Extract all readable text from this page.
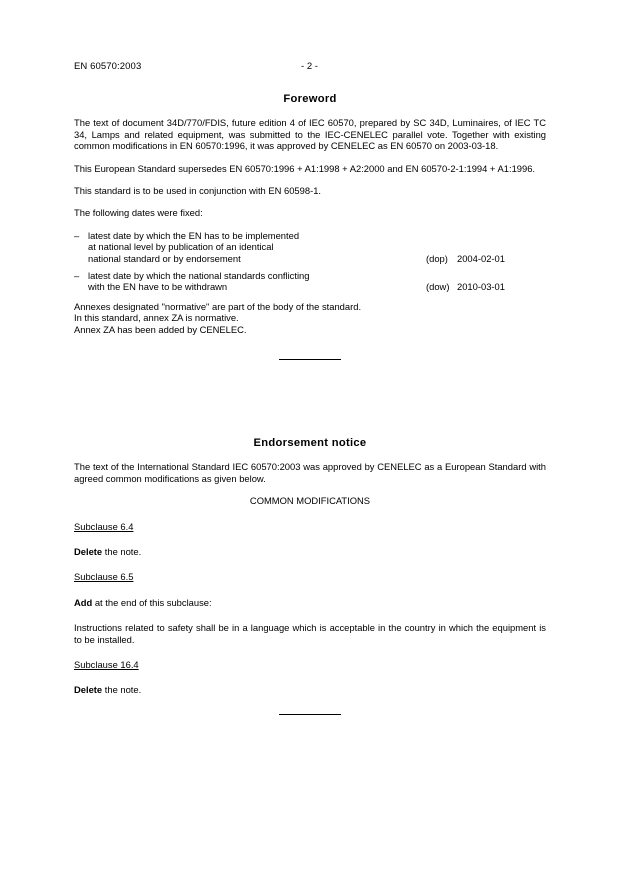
EN 60570:2003	- 2 -
Foreword

The text of document 34D/770/FDIS, future edition 4 of IEC 60570, prepared by SC 34D, Luminaires, of IEC TC 34, Lamps and related equipment, was submitted to the IEC-CENELEC parallel vote. Together with existing common modifications in EN 60570:1996, it was approved by CENELEC as EN 60570 on 2003-03-18.

This European Standard supersedes EN 60570:1996 + A1:1998 + A2:2000 and EN 60570-2-1:1994 + A1:1996.

This standard is to be used in conjunction with EN 60598-1.

The following dates were fixed:

– latest date by which the EN has to be implemented
at national level by publication of an identical
national standard or by endorsement	(dop) 2004-02-01
– latest date by which the national standards conflicting
with the EN have to be withdrawn	(dow) 2010-03-01
Annexes designated "normative" are part of the body of the standard.
In this standard, annex ZA is normative.
Annex ZA has been added by CENELEC.
Endorsement notice

The text of the International Standard IEC 60570:2003 was approved by CENELEC as a European Standard with agreed common modifications as given below.

COMMON MODIFICATIONS

Subclause 6.4

Delete the note.

Subclause 6.5

Add at the end of this subclause:

Instructions related to safety shall be in a language which is acceptable in the country in which the equipment is to be installed.

Subclause 16.4

Delete the note.
